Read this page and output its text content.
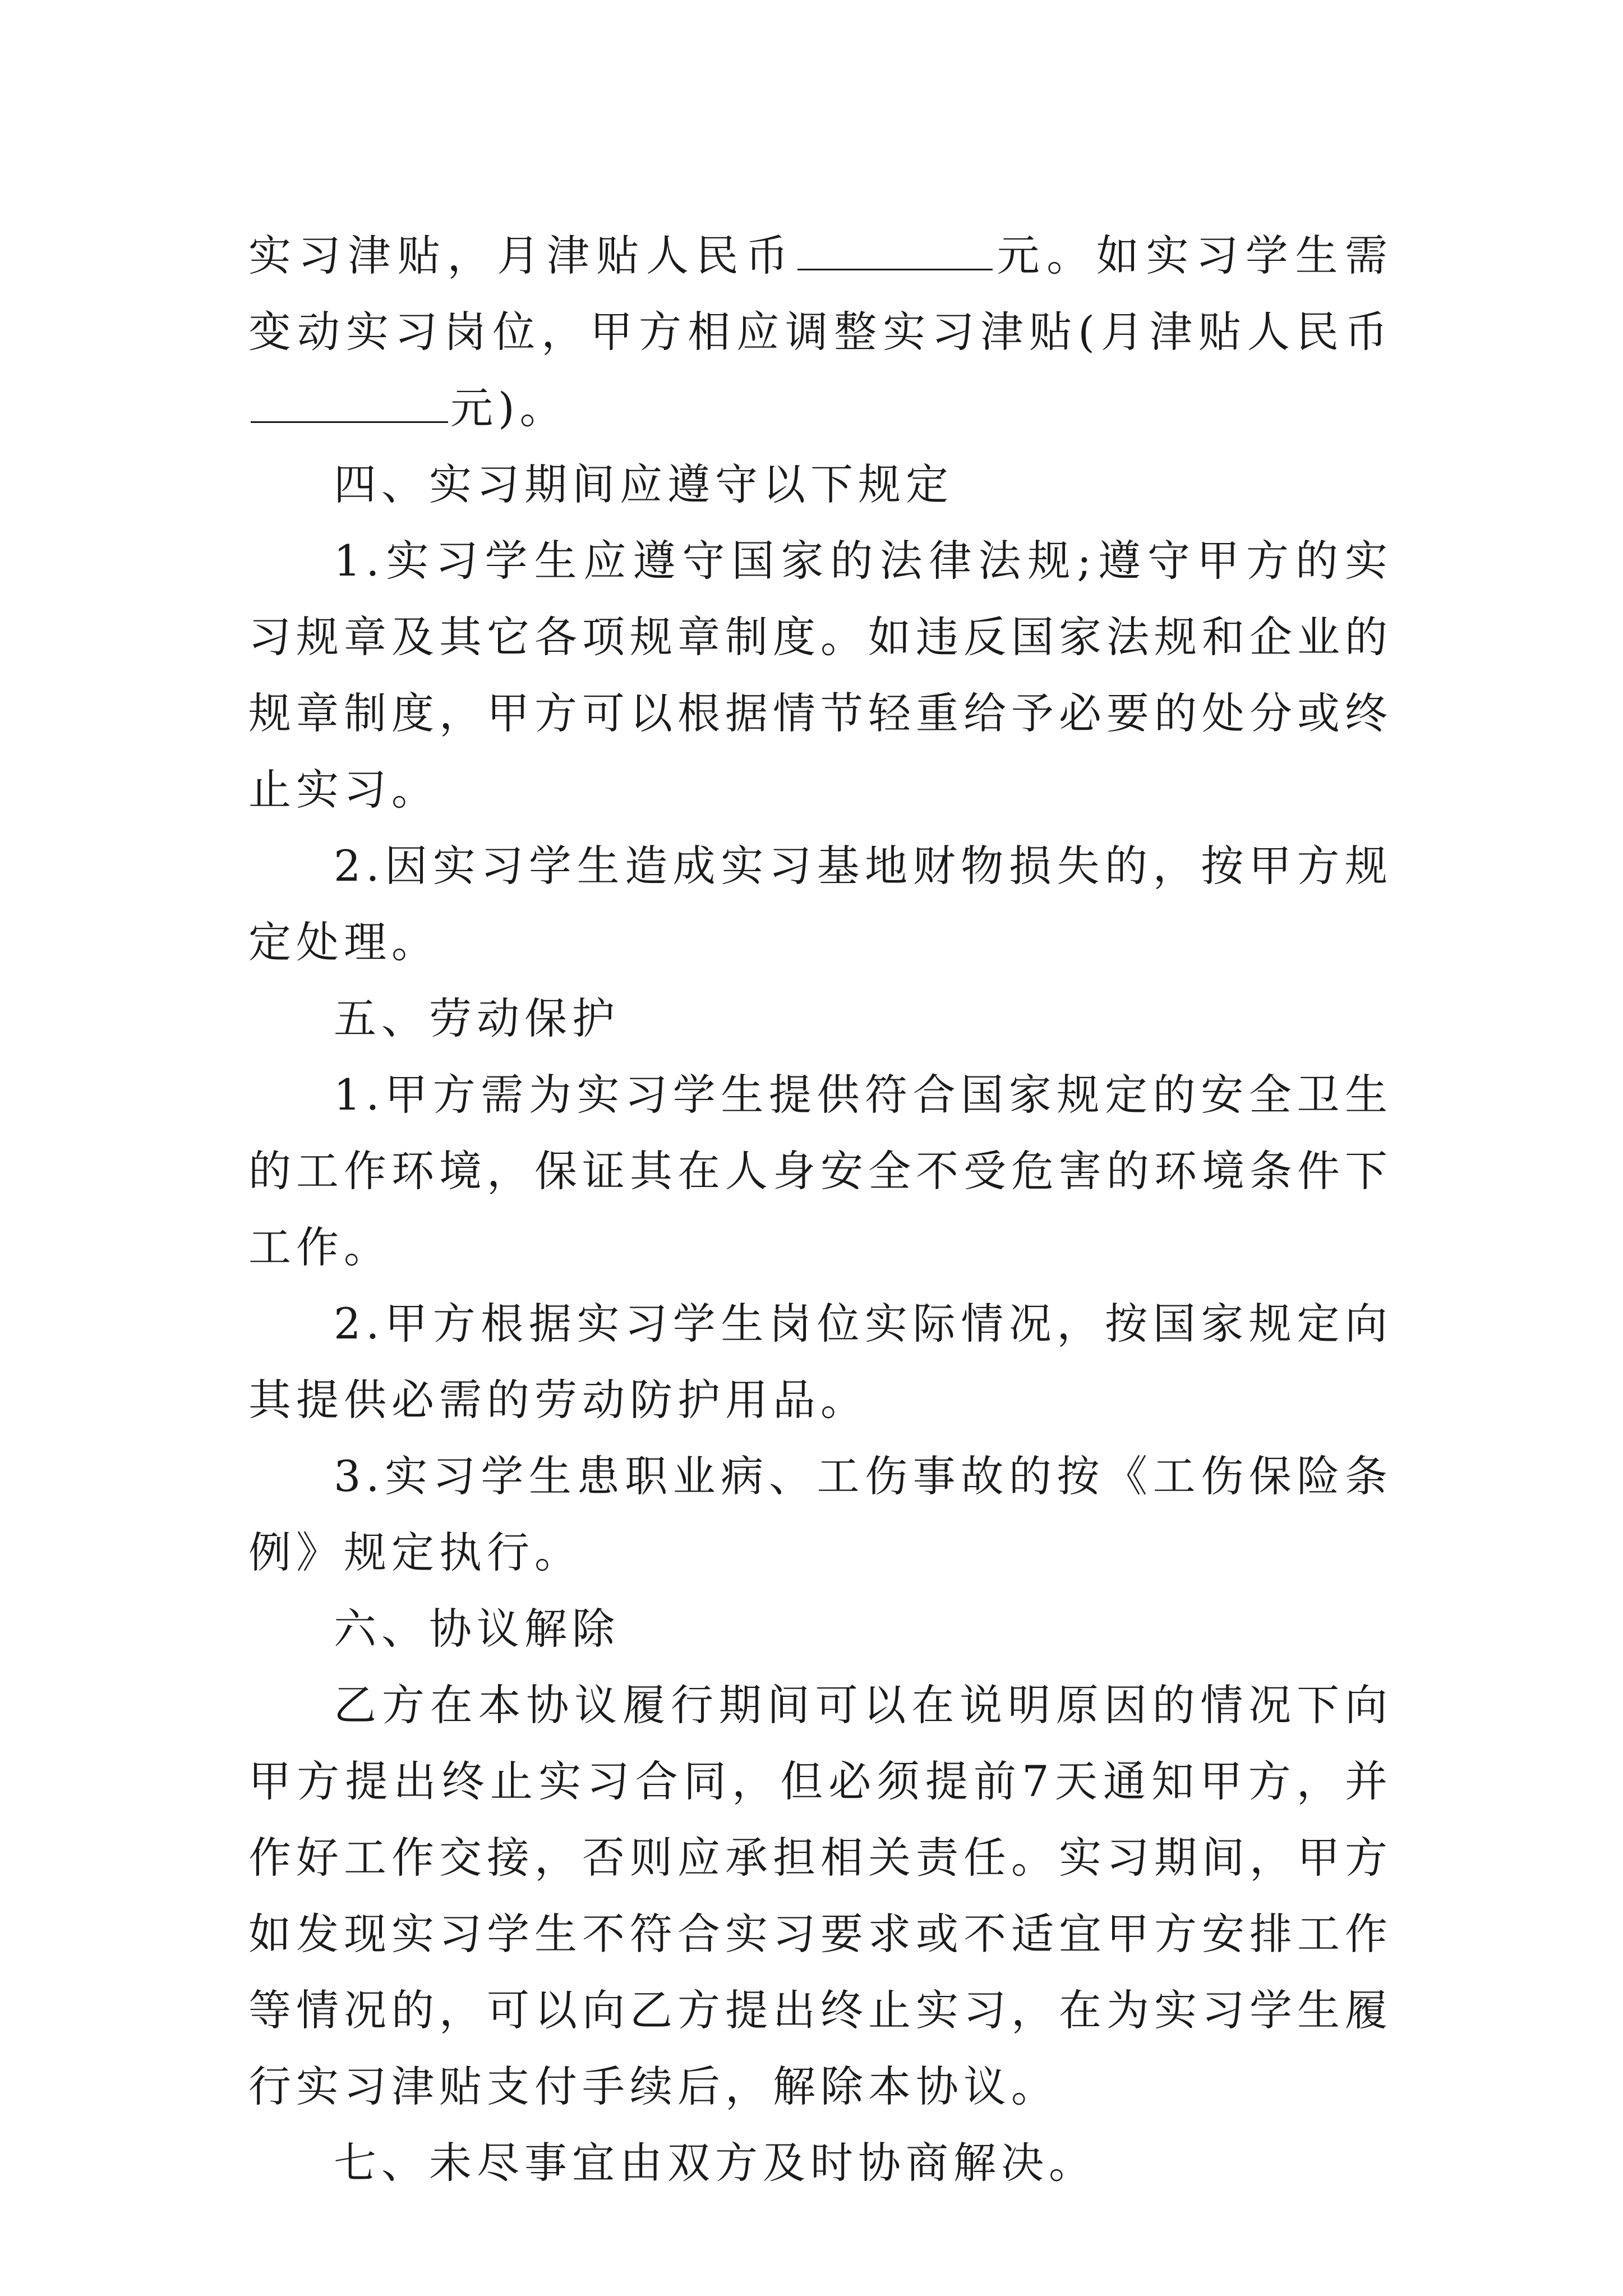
实习津贴，月津贴人民币	元。如实习学生需变动实习岗位，甲方相应调整实习津贴(月津贴人民币元)。

四、实习期间应遵守以下规定

1.实习学生应遵守国家的法律法规;遵守甲方的实习规章及其它各项规章制度。如违反国家法规和企业的规章制度，甲方可以根据情节轻重给予必要的处分或终止实习。

2.因实习学生造成实习基地财物损失的，按甲方规定处理。

五、劳动保护

1.甲方需为实习学生提供符合国家规定的安全卫生的工作环境，保证其在人身安全不受危害的环境条件下工作。

2.甲方根据实习学生岗位实际情况，按国家规定向其提供必需的劳动防护用品。

3.实习学生患职业病、工伤事故的按《工伤保险条例》规定执行。

六、协议解除

乙方在本协议履行期间可以在说明原因的情况下向甲方提出终止实习合同，但必须提前7天通知甲方，并作好工作交接，否则应承担相关责任。实习期间，甲方如发现实习学生不符合实习要求或不适宜甲方安排工作等情况的，可以向乙方提出终止实习，在为实习学生履行实习津贴支付手续后，解除本协议。

七、未尽事宜由双方及时协商解决。
